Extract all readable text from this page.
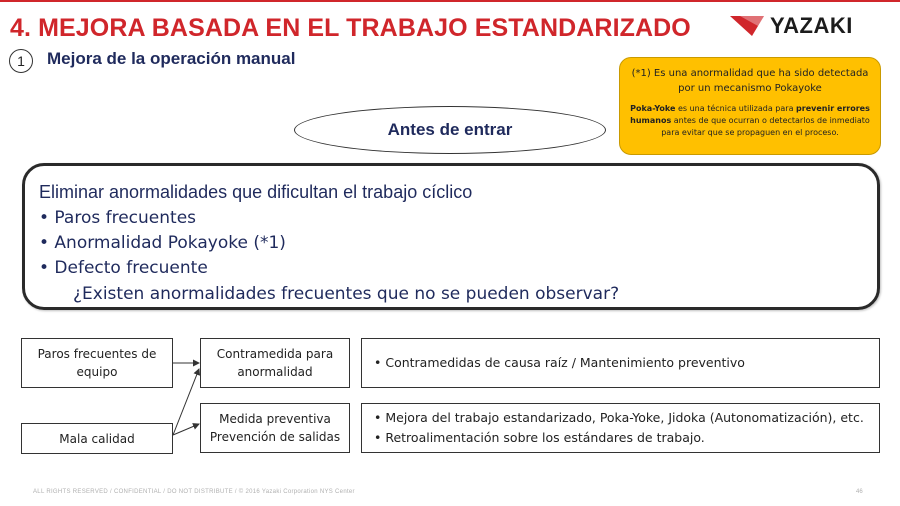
4. MEJORA BASADA EN EL TRABAJO ESTANDARIZADO	YAZAKI
1	Mejora de la operación manual
(*1) Es una anormalidad que ha sido detectada por un mecanismo Pokayoke
Poka-Yoke es una técnica utilizada para prevenir errores humanos antes de que ocurran o detectarlos de inmediato para evitar que se propaguen en el proceso.
Antes de entrar
Eliminar anormalidades que dificultan el trabajo cíclico
• Paros frecuentes
• Anormalidad Pokayoke (*1)
• Defecto frecuente
¿Existen anormalidades frecuentes que no se pueden observar?
Paros frecuentes de equipo
Mala calidad
Contramedida para anormalidad
Medida preventiva Prevención de salidas
• Contramedidas de causa raíz / Mantenimiento preventivo
• Mejora del trabajo estandarizado, Poka-Yoke, Jidoka (Autonomatización), etc.
• Retroalimentación sobre los estándares de trabajo.
ALL RIGHTS RESERVED / CONFIDENTIAL / DO NOT DISTRIBUTE / © 2016 Yazaki Corporation NYS Center	46
